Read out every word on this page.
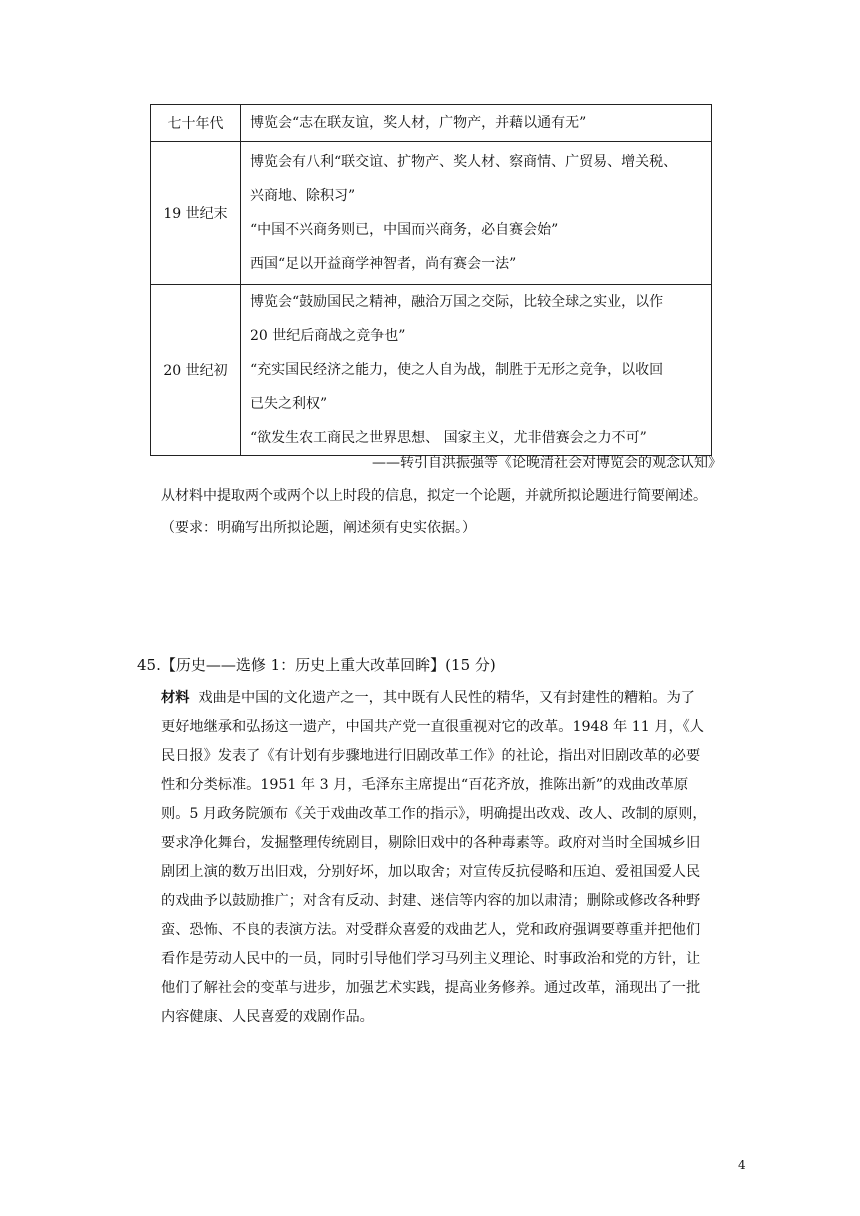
七十年代	博览会“志在联友谊，奖人材，广物产，并藉以通有无”

19 世纪末	博览会有八利“联交谊、扩物产、奖人材、察商情、广贸易、增关税、
兴商地、除积习”
“中国不兴商务则已，中国而兴商务，必自赛会始”
西国“足以开益商学神智者，尚有赛会一法”

20 世纪初	博览会“鼓励国民之精神，融洽万国之交际，比较全球之实业，以作
20 世纪后商战之竞争也”
“充实国民经济之能力，使之人自为战，制胜于无形之竞争，以收回
已失之利权”
“欲发生农工商民之世界思想、 国家主义，尤非借赛会之力不可”
——转引自洪振强等《论晚清社会对博览会的观念认知》
从材料中提取两个或两个以上时段的信息，拟定一个论题，并就所拟论题进行简要阐述。
（要求：明确写出所拟论题，阐述须有史实依据。）
45.【历史——选修 1：历史上重大改革回眸】(15 分)
材料 戏曲是中国的文化遗产之一，其中既有人民性的精华，又有封建性的糟粕。为了
更好地继承和弘扬这一遗产，中国共产党一直很重视对它的改革。1948 年 11 月，《人
民日报》发表了《有计划有步骤地进行旧剧改革工作》的社论，指出对旧剧改革的必要
性和分类标准。1951 年 3 月，毛泽东主席提出“百花齐放，推陈出新”的戏曲改革原
则。5 月政务院颁布《关于戏曲改革工作的指示》，明确提出改戏、改人、改制的原则，
要求净化舞台，发掘整理传统剧目，剔除旧戏中的各种毒素等。政府对当时全国城乡旧
剧团上演的数万出旧戏，分别好坏，加以取舍；对宣传反抗侵略和压迫、爱祖国爱人民
的戏曲予以鼓励推广；对含有反动、封建、迷信等内容的加以肃清；删除或修改各种野
蛮、恐怖、不良的表演方法。对受群众喜爱的戏曲艺人，党和政府强调要尊重并把他们
看作是劳动人民中的一员，同时引导他们学习马列主义理论、时事政治和党的方针，让
他们了解社会的变革与进步，加强艺术实践，提高业务修养。通过改革，涌现出了一批
内容健康、人民喜爱的戏剧作品。
4
